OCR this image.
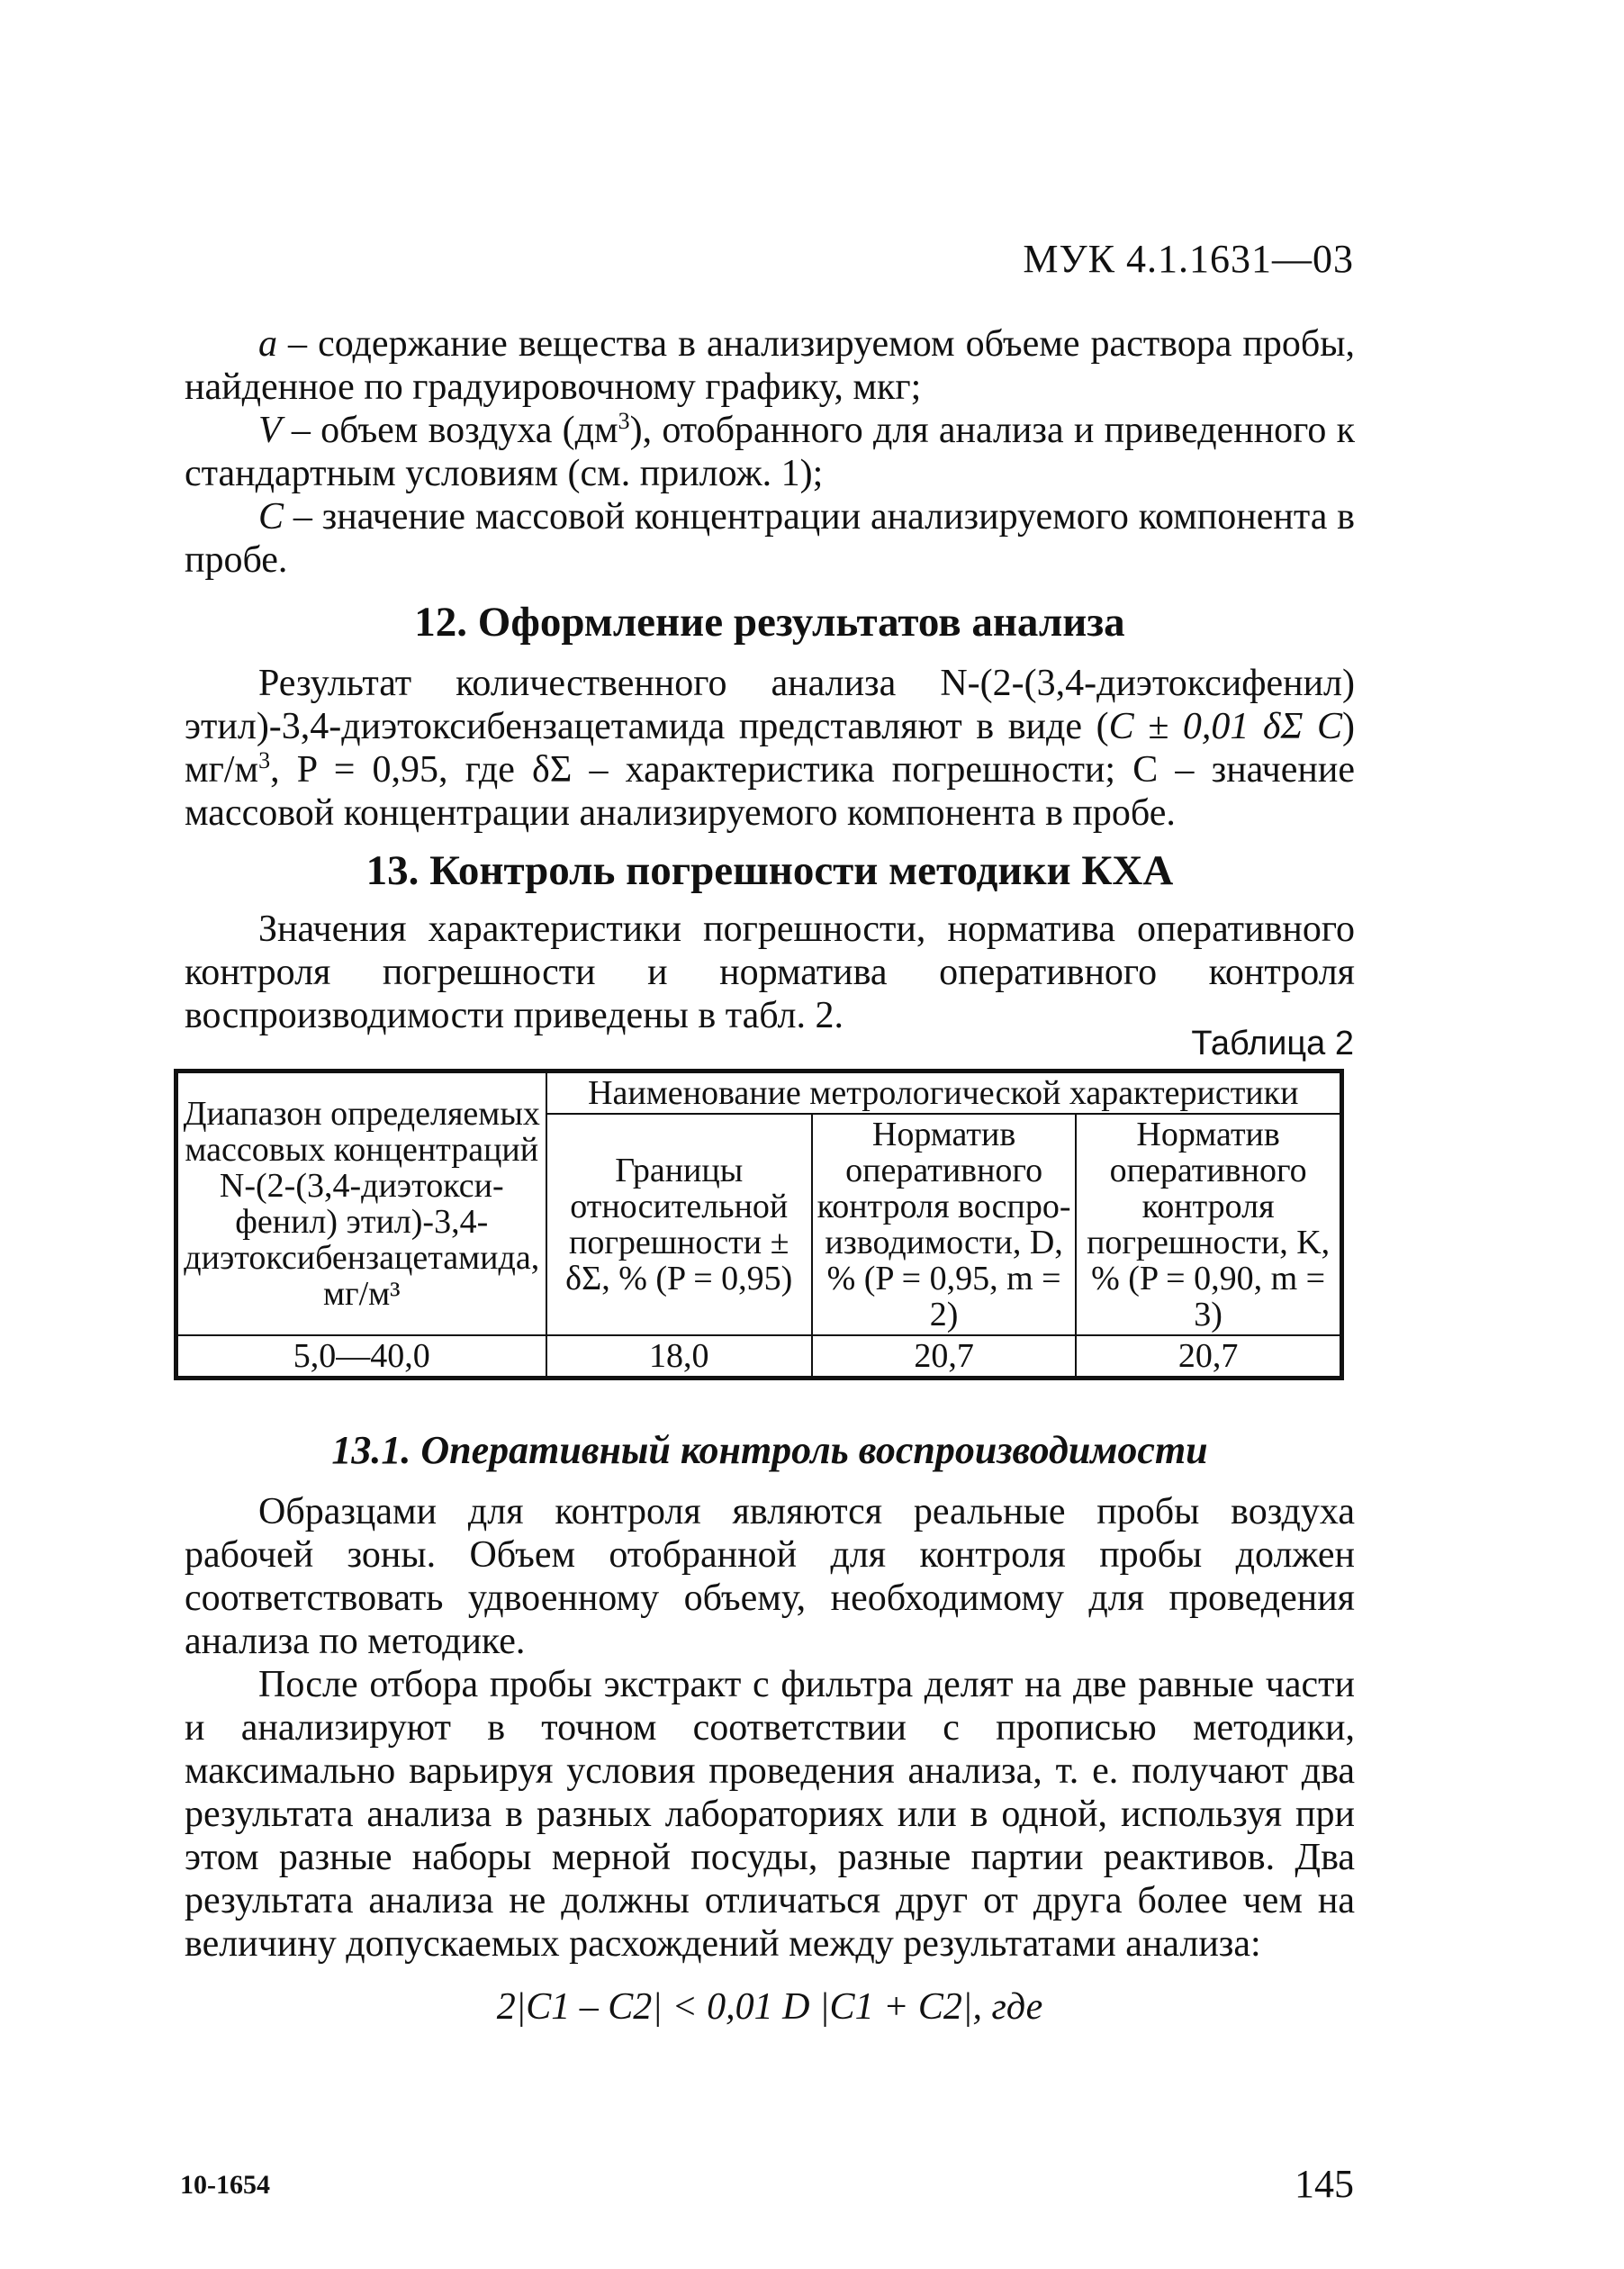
МУК 4.1.1631—03

a – содержание вещества в анализируемом объеме раствора пробы, найденное по градуировочному графику, мкг;

V – объем воздуха $(дм^3)$, отобранного для анализа и приведенного к стандартным условиям (см. прилож. 1);

C – значение массовой концентрации анализируемого компонента в пробе.

12. Оформление результатов анализа

Результат количественного анализа N-(2-(3,4-диэтоксифенил) этил)-3,4-диэтоксибензацетамида представляют в виде (C ± 0,01 δΣ C) $мг/м^3$, P = 0,95, где δΣ – характеристика погрешности; C – значение массовой концентрации анализируемого компонента в пробе.

13. Контроль погрешности методики КХА

Значения характеристики погрешности, норматива оперативного контроля погрешности и норматива оперативного контроля воспроизводимости приведены в табл. 2.

Таблица 2
Диапазон определяемых массовых концентраций N-(2-(3,4-диэтокси-фенил) этил)-3,4-диэтоксибензацетамида, мг/м³	Наименование метрологической характеристики		
	Границы относительной погрешности ± δΣ, % (P = 0,95)	Норматив оперативного контроля воспро-изводимости, D, % (P = 0,95, m = 2)	Норматив оперативного контроля погрешности, K, % (P = 0,90, m = 3)
5,0—40,0	18,0	20,7	20,7
13.1. Оперативный контроль воспроизводимости

Образцами для контроля являются реальные пробы воздуха рабочей зоны. Объем отобранной для контроля пробы должен соответствовать удвоенному объему, необходимому для проведения анализа по методике.

После отбора пробы экстракт с фильтра делят на две равные части и анализируют в точном соответствии с прописью методики, максимально варьируя условия проведения анализа, т. е. получают два результата анализа в разных лабораториях или в одной, используя при этом разные наборы мерной посуды, разные партии реактивов. Два результата анализа не должны отличаться друг от друга более чем на величину допускаемых расхождений между результатами анализа:

2|C1 – C2| < 0,01 D |C1 + C2|, где
10-1654	145
